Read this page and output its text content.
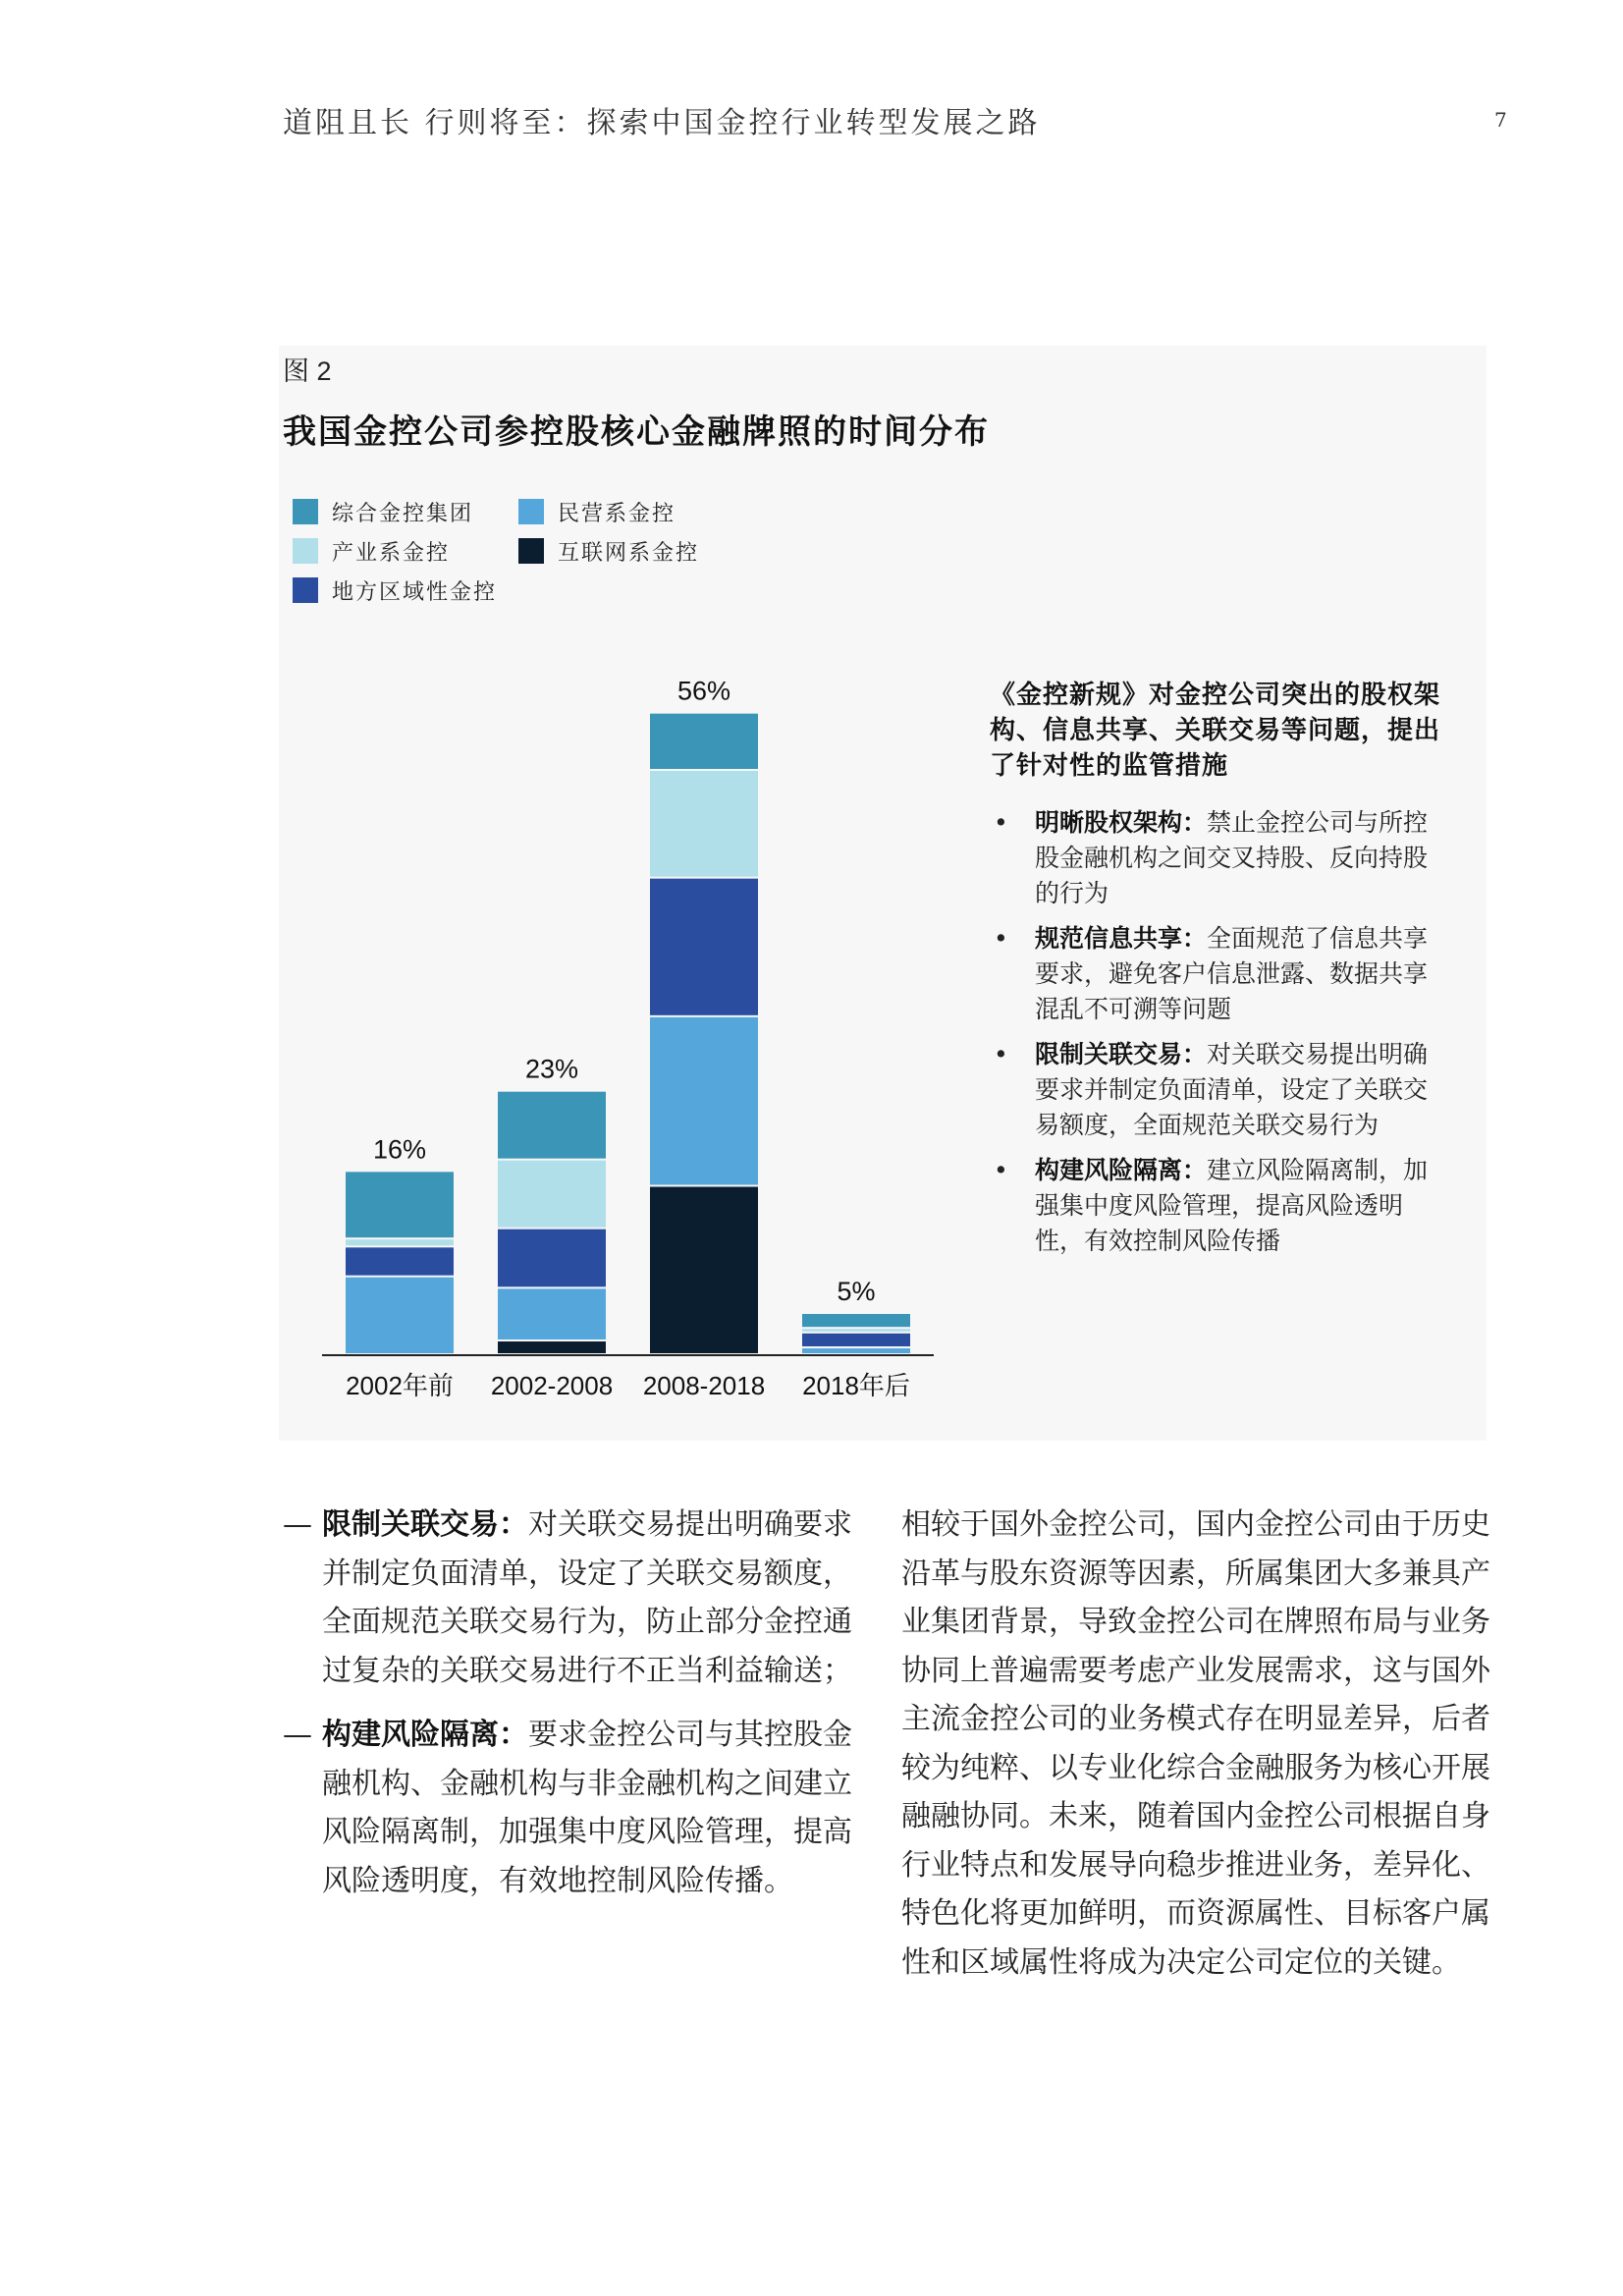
道阻且长 行则将至：探索中国金控行业转型发展之路	7
图 2
我国金控公司参控股核心金融牌照的时间分布
综合金控集团	民营系金控
产业系金控	互联网系金控
地方区域性金控
16%
2002年前
23%
2002-2008
56%
2008-2018
5%
2018年后
《金控新规》对金控公司突出的股权架构、信息共享、关联交易等问题，提出了针对性的监管措施
• 明晰股权架构：禁止金控公司与所控股金融机构之间交叉持股、反向持股的行为
• 规范信息共享：全面规范了信息共享要求，避免客户信息泄露、数据共享混乱不可溯等问题
• 限制关联交易：对关联交易提出明确要求并制定负面清单，设定了关联交易额度，全面规范关联交易行为
• 构建风险隔离：建立风险隔离制，加强集中度风险管理，提高风险透明性，有效控制风险传播
— 限制关联交易：对关联交易提出明确要求并制定负面清单，设定了关联交易额度，全面规范关联交易行为，防止部分金控通过复杂的关联交易进行不正当利益输送；
— 构建风险隔离：要求金控公司与其控股金融机构、金融机构与非金融机构之间建立风险隔离制，加强集中度风险管理，提高风险透明度，有效地控制风险传播。

相较于国外金控公司，国内金控公司由于历史沿革与股东资源等因素，所属集团大多兼具产业集团背景，导致金控公司在牌照布局与业务协同上普遍需要考虑产业发展需求，这与国外主流金控公司的业务模式存在明显差异，后者较为纯粹、以专业化综合金融服务为核心开展融融协同。未来，随着国内金控公司根据自身行业特点和发展导向稳步推进业务，差异化、特色化将更加鲜明，而资源属性、目标客户属性和区域属性将成为决定公司定位的关键。
